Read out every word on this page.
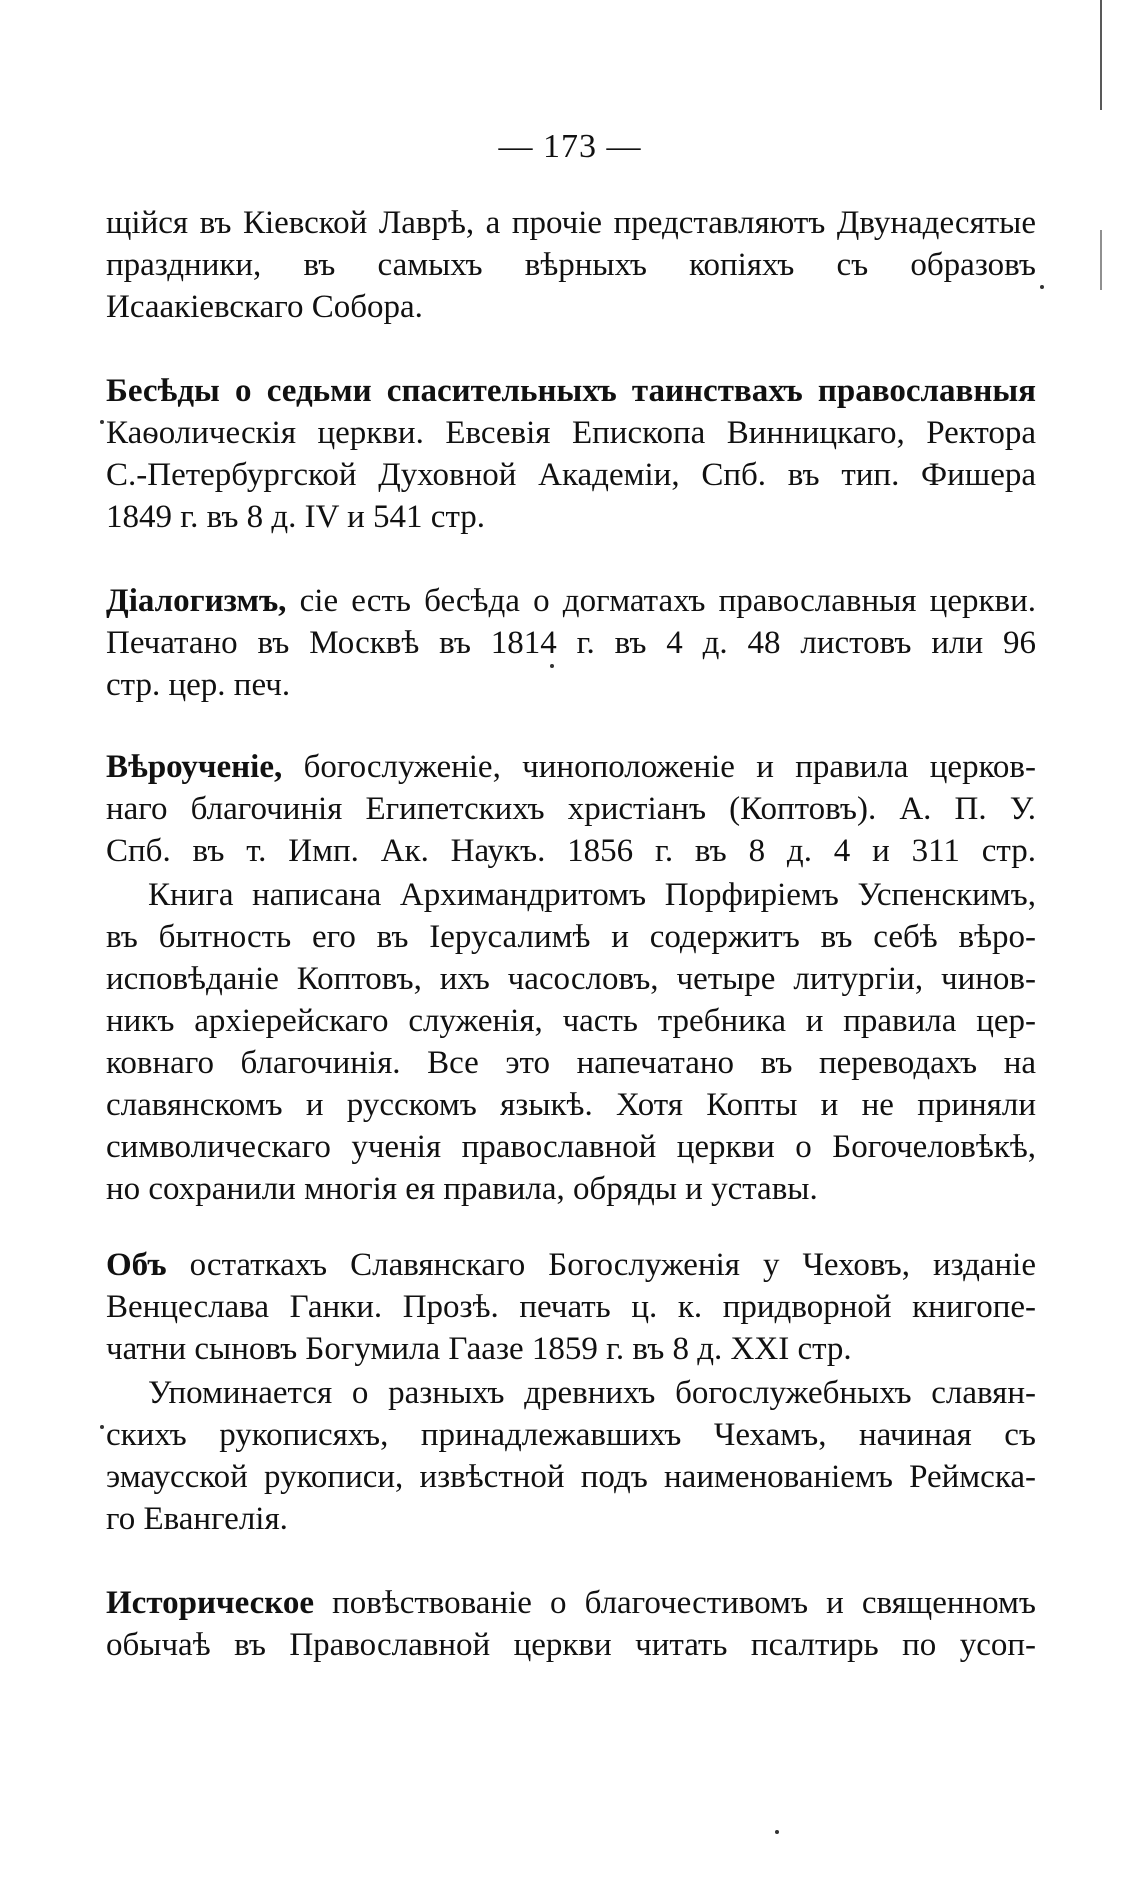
— 173 —
щійся въ Кіевской Лаврѣ, а прочіе представляютъ Двунадесятые
праздники, въ самыхъ вѣрныхъ копіяхъ съ образовъ
Исаакіевскаго Собора.
Бесѣды о седьми спасительныхъ таинствахъ православныя
Каѳолическія церкви. Евсевія Епископа Винницкаго, Ректора
С.-Петербургской Духовной Академіи, Спб. въ тип. Фишера
1849 г. въ 8 д. IV и 541 стр.
Діалогизмъ, сіе есть бесѣда о догматахъ православныя церкви.
Печатано въ Москвѣ въ 1814 г. въ 4 д. 48 листовъ или 96
стр. цер. печ.
Вѣроученіе, богослуженіе, чиноположеніе и правила церков-
наго благочинія Египетскихъ христіанъ (Коптовъ). А. П. У.
Спб. въ т. Имп. Ак. Наукъ. 1856 г. въ 8 д. 4 и 311 стр.
Книга написана Архимандритомъ Порфиріемъ Успенскимъ,
въ бытность его въ Іерусалимѣ и содержитъ въ себѣ вѣро-
исповѣданіе Коптовъ, ихъ часословъ, четыре литургіи, чинов-
никъ архіерейскаго служенія, часть требника и правила цер-
ковнаго благочинія. Все это напечатано въ переводахъ на
славянскомъ и русскомъ языкѣ. Хотя Копты и не приняли
символическаго ученія православной церкви о Богочеловѣкѣ,
но сохранили многія ея правила, обряды и уставы.
Объ остаткахъ Славянскаго Богослуженія у Чеховъ, изданіе
Венцеслава Ганки. Прозѣ. печать ц. к. придворной книгопе-
чатни сыновъ Богумила Гаазе 1859 г. въ 8 д. XXI стр.
Упоминается о разныхъ древнихъ богослужебныхъ славян-
скихъ рукописяхъ, принадлежавшихъ Чехамъ, начиная съ
эмаусской рукописи, извѣстной подъ наименованіемъ Реймска-
го Евангелія.
Историческое повѣствованіе о благочестивомъ и священномъ
обычаѣ въ Православной церкви читать псалтирь по усоп-
